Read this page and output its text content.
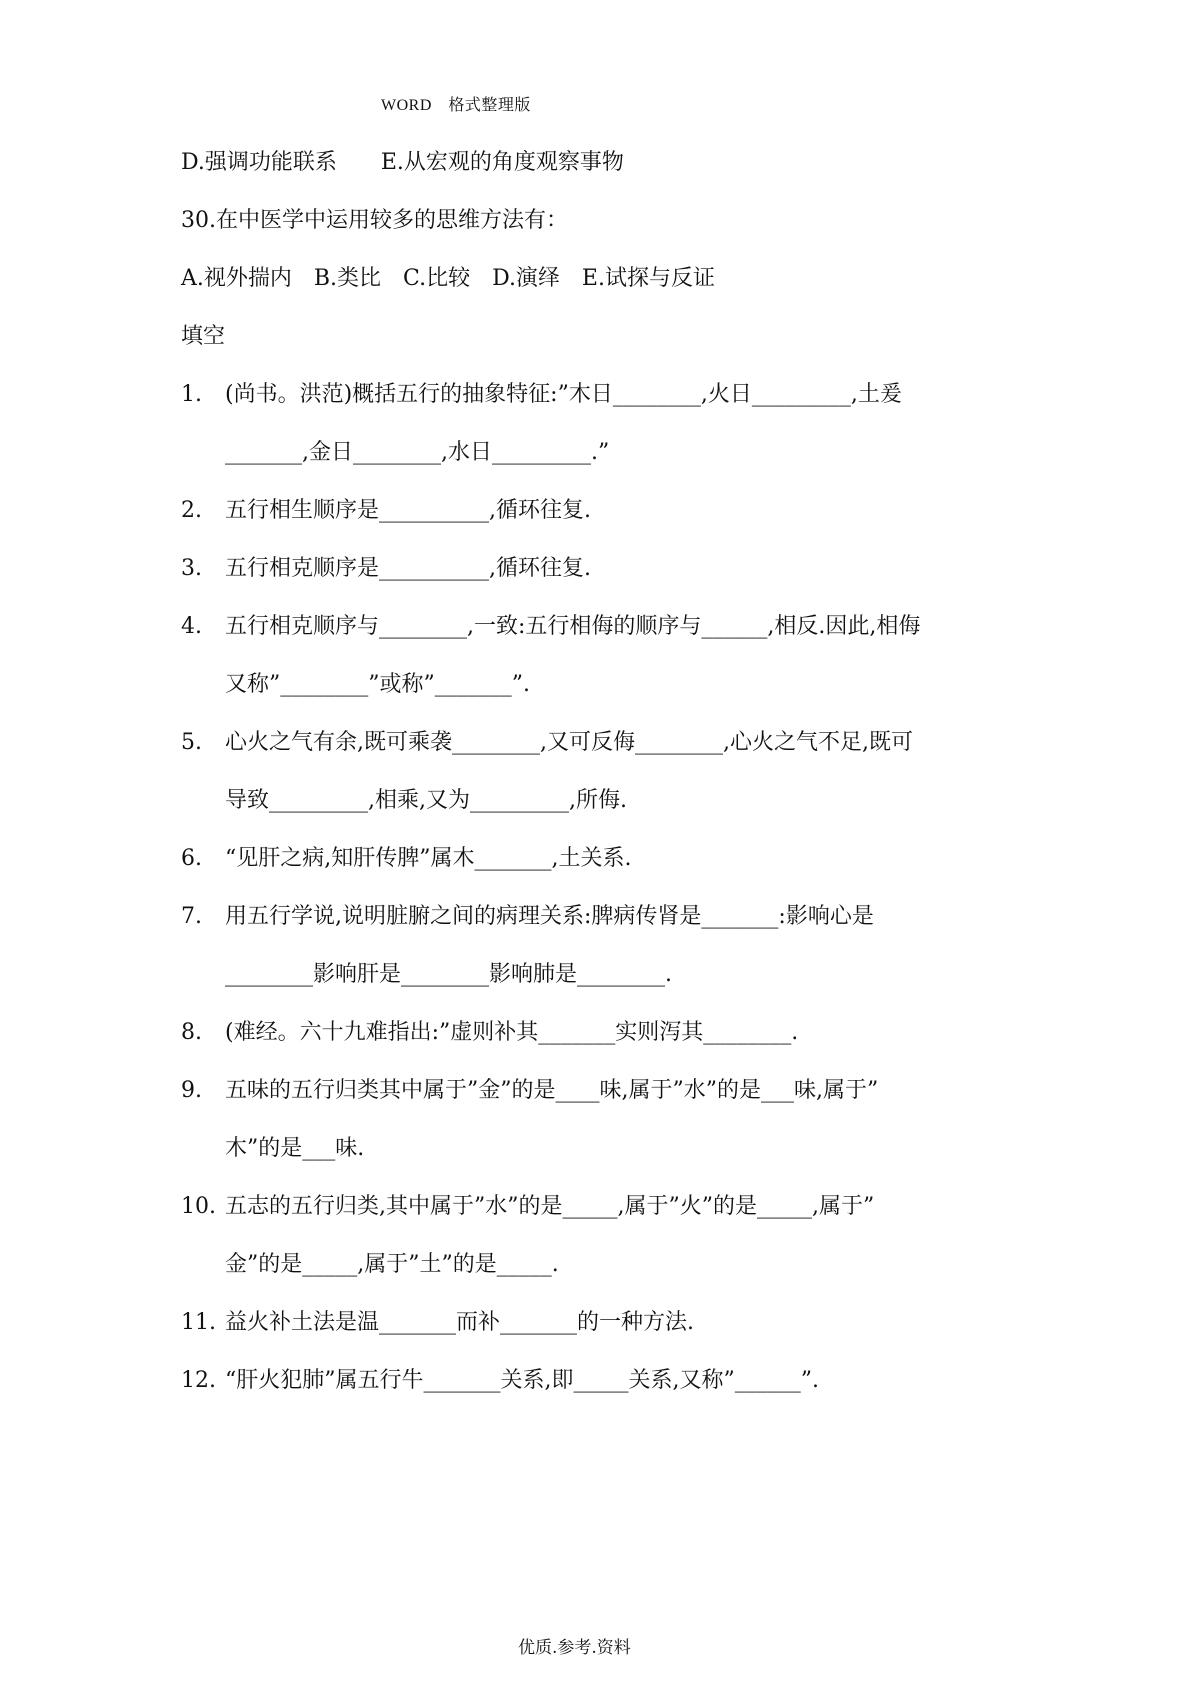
WORD　格式整理版
D.强调功能联系　　E.从宏观的角度观察事物
30.在中医学中运用较多的思维方法有：
A.视外揣内　B.类比　C.比较　D.演绎　E.试探与反证
填空
1. (尚书。洪范)概括五行的抽象特征:”木日________,火日_________,土爰
_______,金日________,水日_________.”
2. 五行相生顺序是__________,循环往复.
3. 五行相克顺序是__________,循环往复.
4. 五行相克顺序与________,一致:五行相侮的顺序与______,相反.因此,相侮
又称”________”或称”_______”.
5. 心火之气有余,既可乘袭________,又可反侮________,心火之气不足,既可
导致_________,相乘,又为_________,所侮.
6. “见肝之病,知肝传脾”属木_______,土关系.
7. 用五行学说,说明脏腑之间的病理关系:脾病传肾是_______:影响心是
________影响肝是________影响肺是________.
8. (难经。六十九难指出:”虚则补其_______实则泻其________.
9. 五味的五行归类其中属于”金”的是____味,属于”水”的是___味,属于”
木”的是___味.
10. 五志的五行归类,其中属于”水”的是_____,属于”火”的是_____,属于”
金”的是_____,属于”土”的是_____.
11. 益火补土法是温_______而补_______的一种方法.
12. “肝火犯肺”属五行牛_______关系,即_____关系,又称”______”.
优质.参考.资料
